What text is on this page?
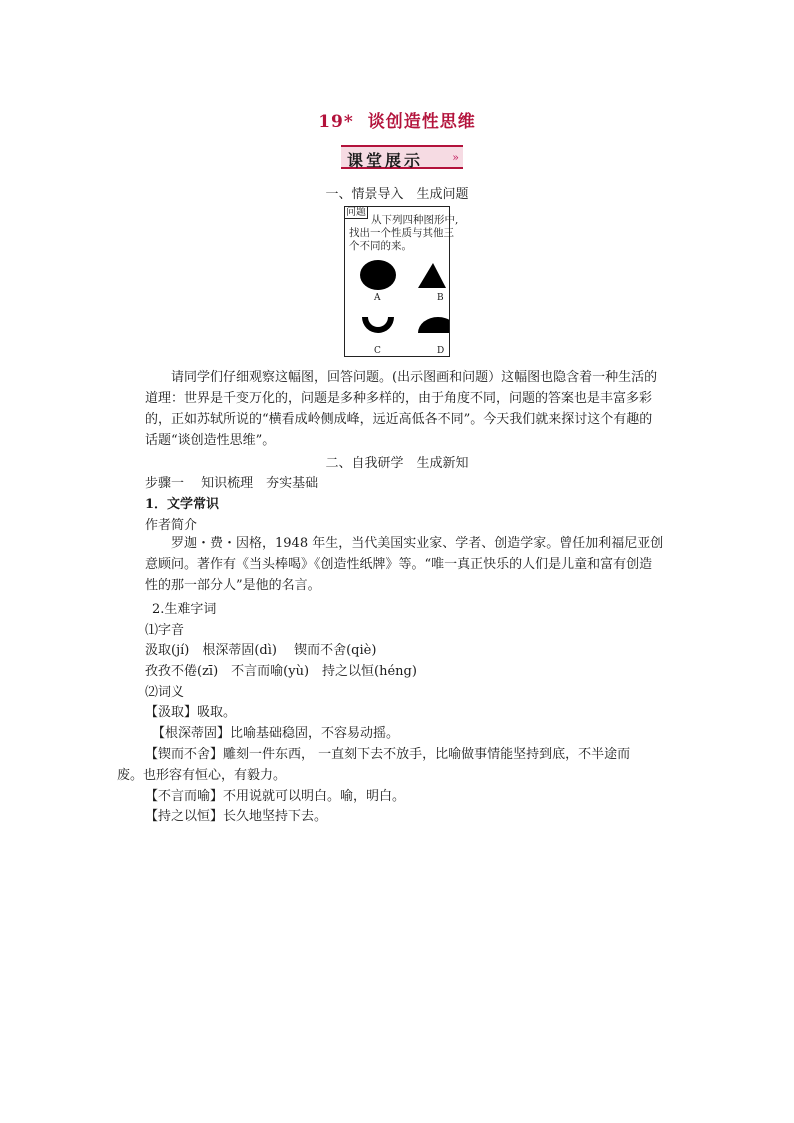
19* 谈创造性思维
课堂展示	»
一、情景导入　生成问题
问题
从下列四种图形中,
找出一个性质与其他三
个不同的来。
A	B
C	D
　　请同学们仔细观察这幅图，回答问题。(出示图画和问题）这幅图也隐含着一种生活的
道理：世界是千变万化的，问题是多种多样的，由于角度不同，问题的答案也是丰富多彩
的，正如苏轼所说的“横看成岭侧成峰，远近高低各不同”。今天我们就来探讨这个有趣的
话题“谈创造性思维”。
二、自我研学　生成新知
步骤一　 知识梳理　夯实基础
1．文学常识
作者简介
　　罗迦・费・因格，1948 年生，当代美国实业家、学者、创造学家。曾任加利福尼亚创
意顾问。著作有《当头棒喝》《创造性纸牌》等。“唯一真正快乐的人们是儿童和富有创造
性的那一部分人”是他的名言。
2.生难字词
⑴字音
汲取(jí)　根深蒂固(dì)　 锲而不舍(qiè)
孜孜不倦(zī)　不言而喻(yù)　持之以恒(héng)
⑵词义
【汲取】吸取。
【根深蒂固】比喻基础稳固，不容易动摇。
【锲而不舍】雕刻一件东西， 一直刻下去不放手，比喻做事情能坚持到底，不半途而
废。也形容有恒心，有毅力。
【不言而喻】不用说就可以明白。喻，明白。
【持之以恒】长久地坚持下去。
